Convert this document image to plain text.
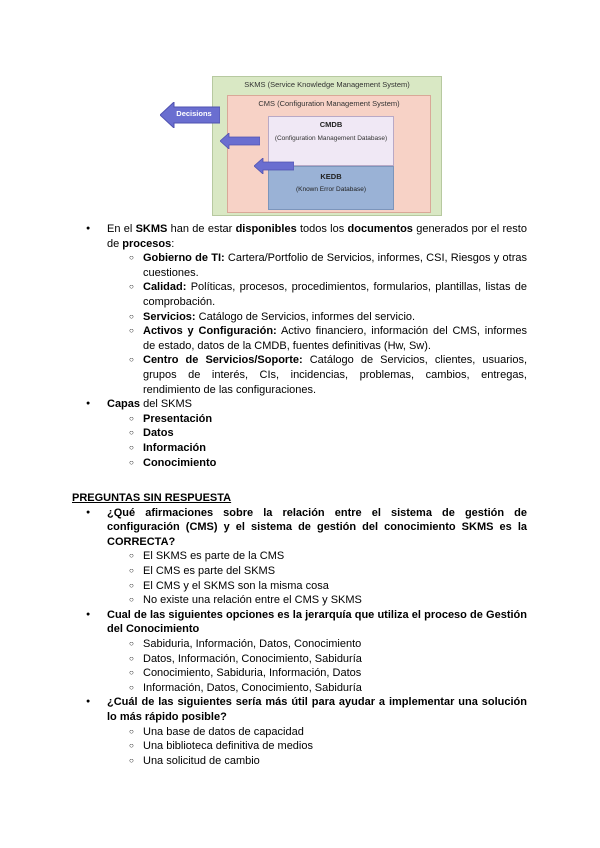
SKMS (Service Knowledge Management System)
CMS (Configuration Management System)
CMDB
(Configuration Management Database)
KEDB
(Known Error Database)
Decisions
● En el SKMS han de estar disponibles todos los documentos generados por el resto de procesos:
○ Gobierno de TI: Cartera/Portfolio de Servicios, informes, CSI, Riesgos y otras cuestiones.
○ Calidad: Políticas, procesos, procedimientos, formularios, plantillas, listas de comprobación.
○ Servicios: Catálogo de Servicios, informes del servicio.
○ Activos y Configuración: Activo financiero, información del CMS, informes de estado, datos de la CMDB, fuentes definitivas (Hw, Sw).
○ Centro de Servicios/Soporte: Catálogo de Servicios, clientes, usuarios, grupos de interés, CIs, incidencias, problemas, cambios, entregas, rendimiento de las configuraciones.
● Capas del SKMS
○ Presentación
○ Datos
○ Información
○ Conocimiento
PREGUNTAS SIN RESPUESTA
● ¿Qué afirmaciones sobre la relación entre el sistema de gestión de configuración (CMS) y el sistema de gestión del conocimiento SKMS es la CORRECTA?
○ El SKMS es parte de la CMS
○ El CMS es parte del SKMS
○ El CMS y el SKMS son la misma cosa
○ No existe una relación entre el CMS y SKMS
● Cual de las siguientes opciones es la jerarquía que utiliza el proceso de Gestión del Conocimiento
○ Sabiduria, Información, Datos, Conocimiento
○ Datos, Información, Conocimiento, Sabiduría
○ Conocimiento, Sabiduria, Información, Datos
○ Información, Datos, Conocimiento, Sabiduría
● ¿Cuál de las siguientes sería más útil para ayudar a implementar una solución lo más rápido posible?
○ Una base de datos de capacidad
○ Una biblioteca definitiva de medios
○ Una solicitud de cambio
